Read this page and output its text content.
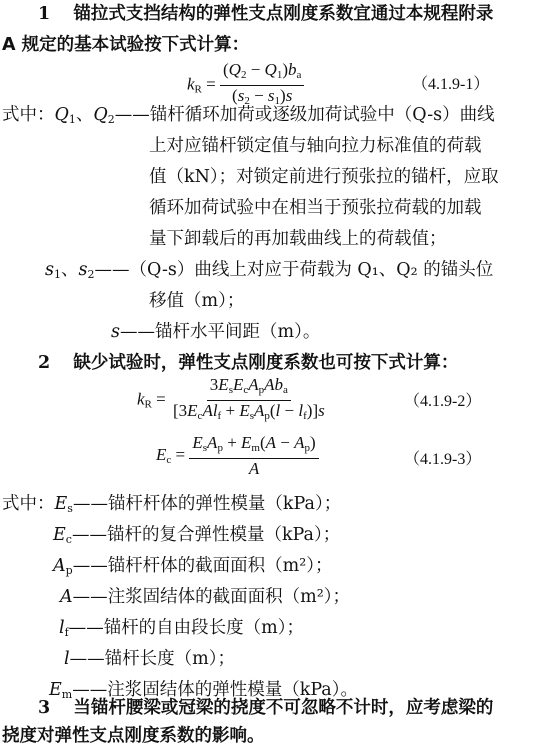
1 锚拉式支挡结构的弹性支点刚度系数宜通过本规程附录
A 规定的基本试验按下式计算：
$k_R = \frac{(Q_2 - Q_1)b_a}{(s_2 - s_1)s}$	（4.1.9-1）
式中：$Q_1$、$Q_2——$锚杆循环加荷或逐级加荷试验中（Q-s）曲线
上对应锚杆锁定值与轴向拉力标准值的荷载
值（kN）；对锁定前进行预张拉的锚杆，应取
循环加荷试验中在相当于预张拉荷载的加载
量下卸载后的再加载曲线上的荷载值；
$s_1$、$s_2——(Q-s)$曲线上对应于荷载为 Q₁、Q₂ 的锚头位
移值（m）；
s——锚杆水平间距（m）。
2 缺少试验时，弹性支点刚度系数也可按下式计算：
$k_R = \frac{3E_sE_cA_pAb_a}{[3E_cAl_f + E_sA_p(l - l_f)]s}$	（4.1.9-2）
$E_c = \frac{E_sA_p + E_m(A - A_p)}{A}$	（4.1.9-3）
式中：$E_s——$锚杆杆体的弹性模量（kPa）；
$E_c——$锚杆的复合弹性模量（kPa）；
$A_p——$锚杆杆体的截面面积（m²）；
A——注浆固结体的截面面积（m²）；
$l_f——$锚杆的自由段长度（m）；
l——锚杆长度（m）；
$E_m——$注浆固结体的弹性模量（kPa）。
3 当锚杆腰梁或冠梁的挠度不可忽略不计时，应考虑梁的
挠度对弹性支点刚度系数的影响。
